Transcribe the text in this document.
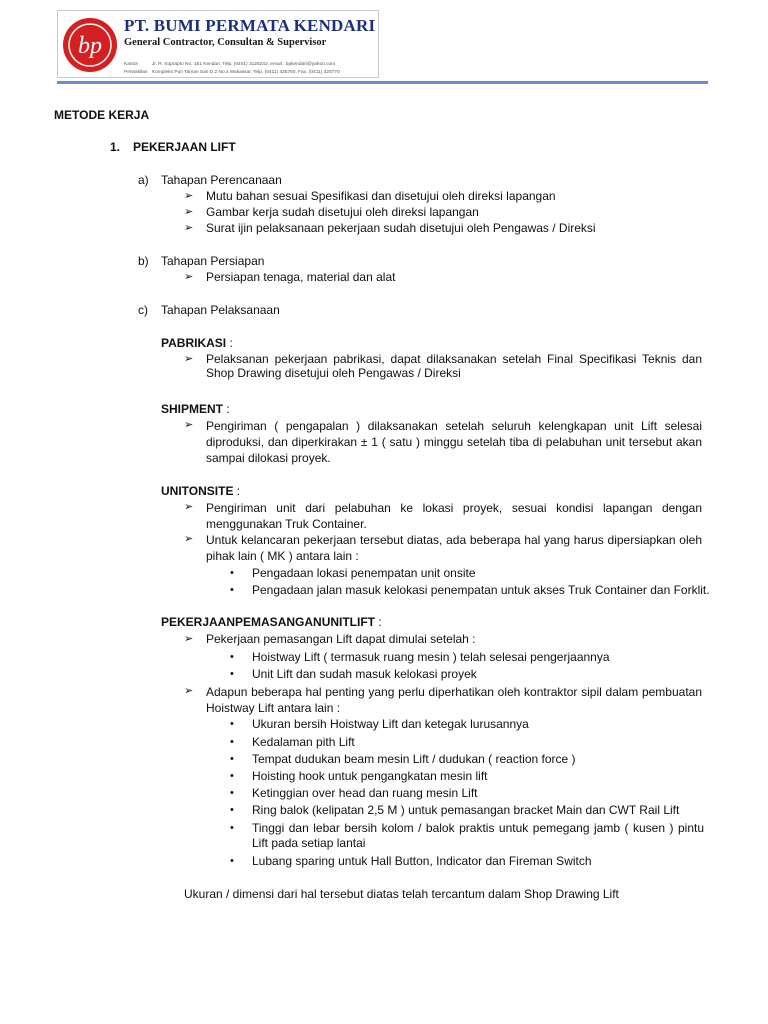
bp
PT. BUMI PERMATA KENDARI
General Contractor, Consultan & Supervisor
Kantor	Jl. R. Suprapto No. 151 Kendari, Telp. (0401) 3125242, email : bpkendari@yahoo.com
Perwakilan Kompleks Puri Taman Sari D.2 No.4 Makassar, Telp. (0411) 425750, Fax. (0411) 425770
METODE KERJA
1. PEKERJAAN LIFT
a) Tahapan Perencanaan
➢ Mutu bahan sesuai Spesifikasi dan disetujui oleh direksi lapangan
➢ Gambar kerja sudah disetujui oleh direksi lapangan
➢ Surat ijin pelaksanaan pekerjaan sudah disetujui oleh Pengawas / Direksi
b) Tahapan Persiapan
➢ Persiapan tenaga, material dan alat
c) Tahapan Pelaksanaan
PABRIKASI :
➢ Pelaksanan pekerjaan pabrikasi, dapat dilaksanakan setelah Final Specifikasi Teknis dan Shop Drawing disetujui oleh Pengawas / Direksi
SHIPMENT :
➢ Pengiriman ( pengapalan ) dilaksanakan setelah seluruh kelengkapan unit Lift selesai diproduksi, dan diperkirakan ± 1 ( satu ) minggu setelah tiba di pelabuhan unit tersebut akan sampai dilokasi proyek.
UNITONSITE :
➢ Pengiriman unit dari pelabuhan ke lokasi proyek, sesuai kondisi lapangan dengan menggunakan Truk Container.
➢ Untuk kelancaran pekerjaan tersebut diatas, ada beberapa hal yang harus dipersiapkan oleh pihak lain ( MK ) antara lain :
• Pengadaan lokasi penempatan unit onsite
• Pengadaan jalan masuk kelokasi penempatan untuk akses Truk Container dan Forklit.
PEKERJAANPEMASANGANUNITLIFT :
➢ Pekerjaan pemasangan Lift dapat dimulai setelah :
• Hoistway Lift ( termasuk ruang mesin ) telah selesai pengerjaannya
• Unit Lift dan sudah masuk kelokasi proyek
➢ Adapun beberapa hal penting yang perlu diperhatikan oleh kontraktor sipil dalam pembuatan Hoistway Lift antara lain :
• Ukuran bersih Hoistway Lift dan ketegak lurusannya
• Kedalaman pith Lift
• Tempat dudukan beam mesin Lift / dudukan ( reaction force )
• Hoisting hook untuk pengangkatan mesin lift
• Ketinggian over head dan ruang mesin Lift
• Ring balok (kelipatan 2,5 M ) untuk pemasangan bracket Main dan CWT Rail Lift
• Tinggi dan lebar bersih kolom / balok praktis untuk pemegang jamb ( kusen ) pintu Lift pada setiap lantai
• Lubang sparing untuk Hall Button, Indicator dan Fireman Switch
Ukuran / dimensi dari hal tersebut diatas telah tercantum dalam Shop Drawing Lift
